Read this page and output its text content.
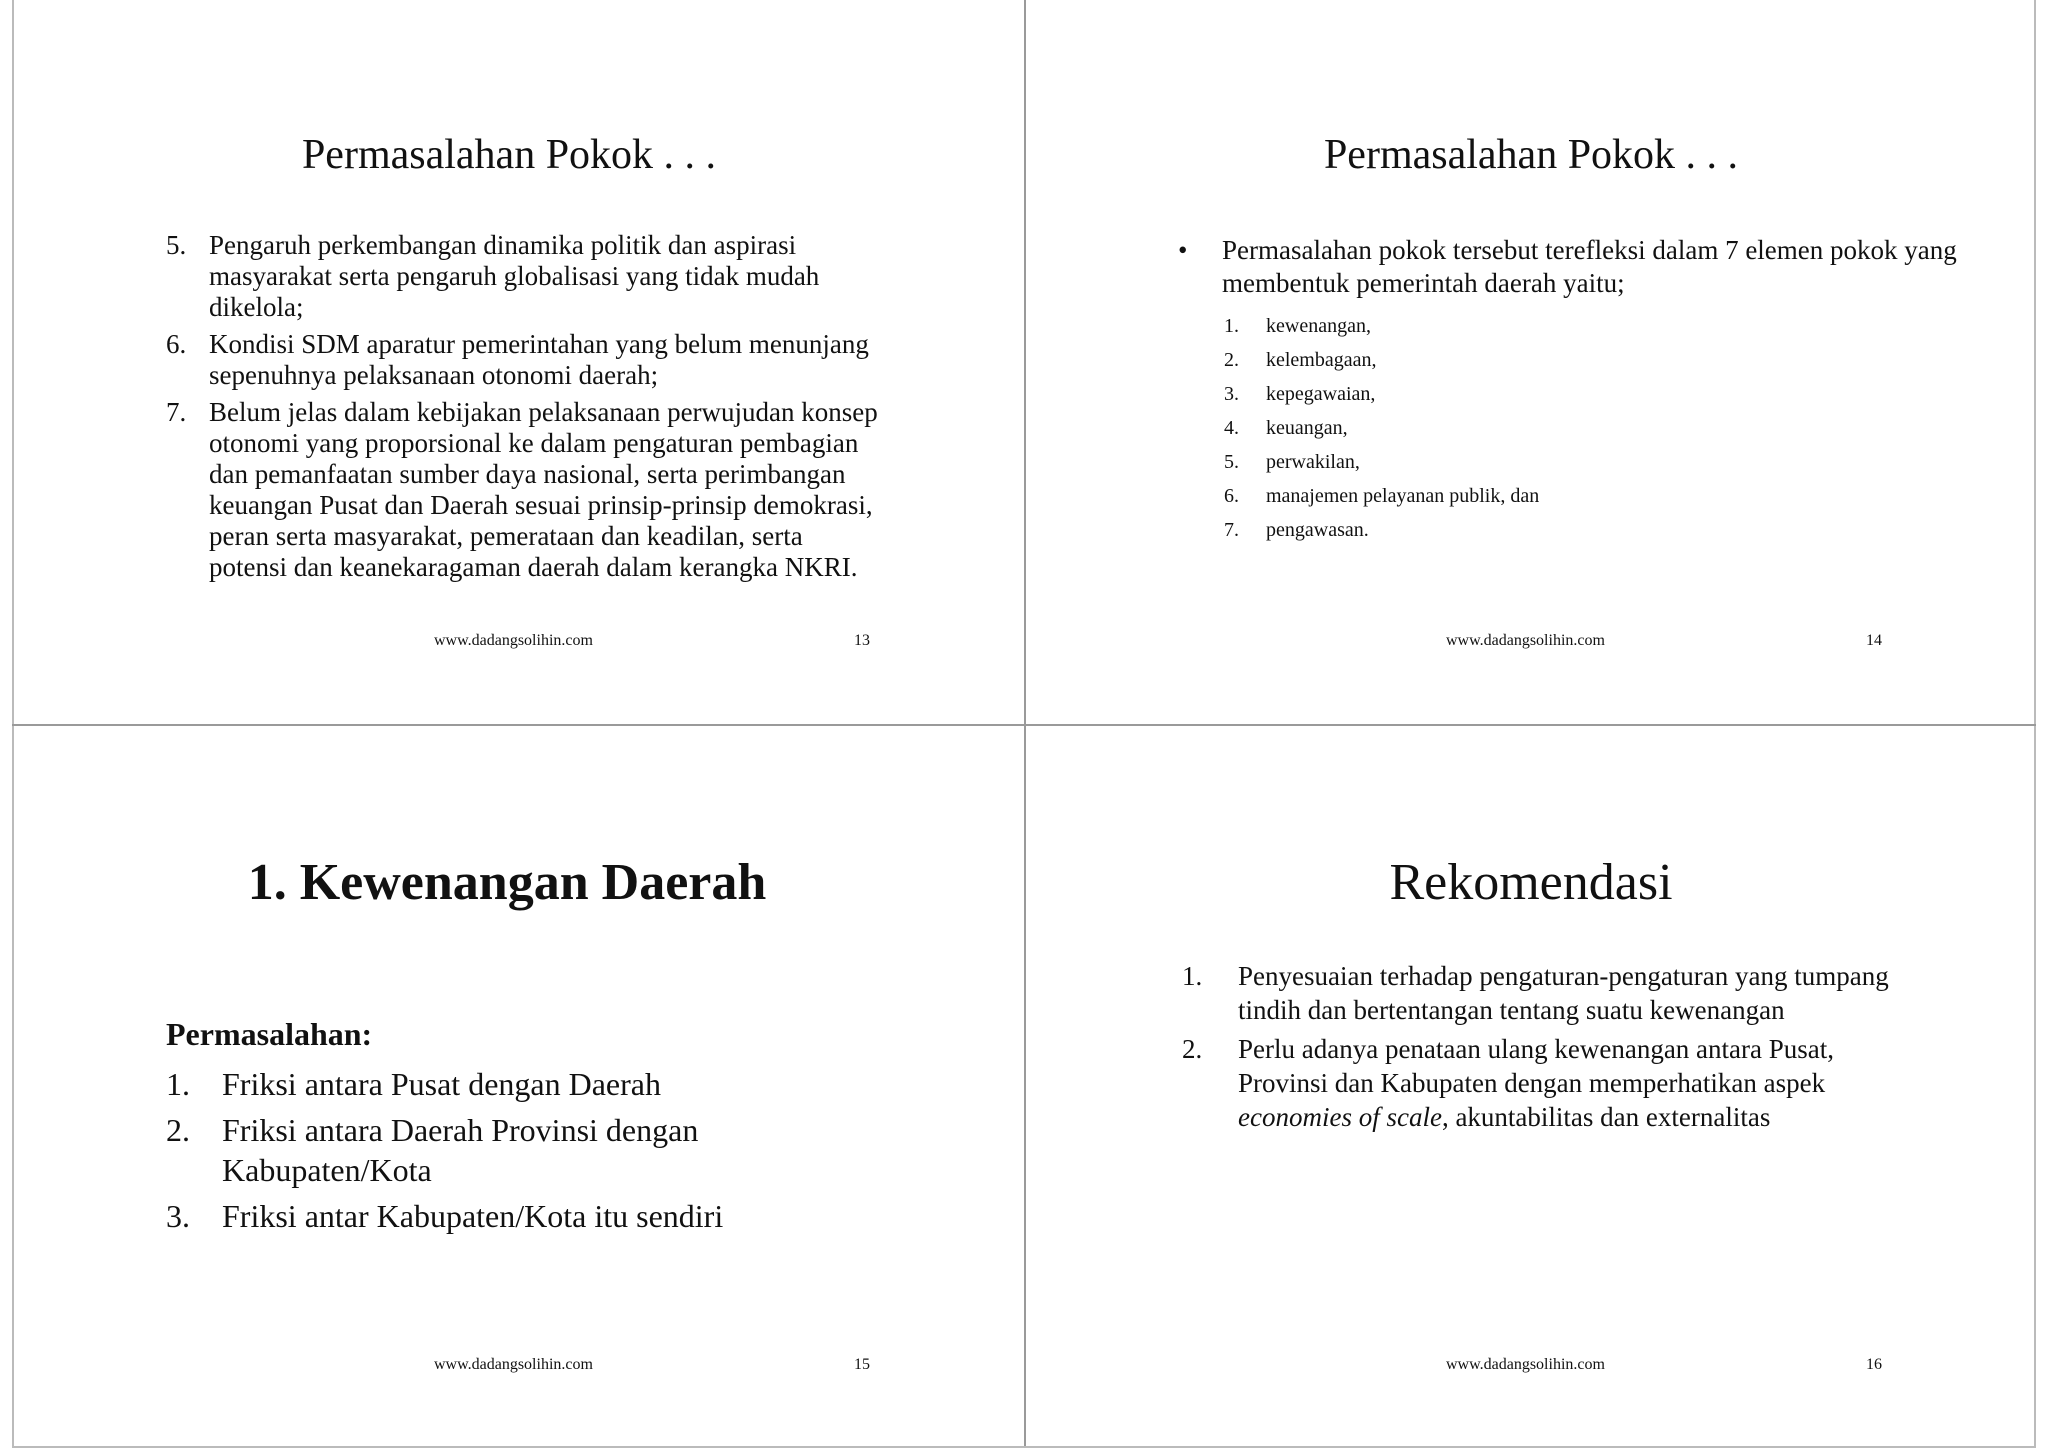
Permasalahan Pokok . . .
5. Pengaruh perkembangan dinamika politik dan aspirasi masyarakat serta pengaruh globalisasi yang tidak mudah dikelola;
6. Kondisi SDM aparatur pemerintahan yang belum menunjang sepenuhnya pelaksanaan otonomi daerah;
7. Belum jelas dalam kebijakan pelaksanaan perwujudan konsep otonomi yang proporsional ke dalam pengaturan pembagian dan pemanfaatan sumber daya nasional, serta perimbangan keuangan Pusat dan Daerah sesuai prinsip-prinsip demokrasi, peran serta masyarakat, pemerataan dan keadilan, serta potensi dan keanekaragaman daerah dalam kerangka NKRI.
www.dadangsolihin.com	13
Permasalahan Pokok . . .
• Permasalahan pokok tersebut terefleksi dalam 7 elemen pokok yang membentuk pemerintah daerah yaitu;
1. kewenangan,
2. kelembagaan,
3. kepegawaian,
4. keuangan,
5. perwakilan,
6. manajemen pelayanan publik, dan
7. pengawasan.
www.dadangsolihin.com	14
1. Kewenangan Daerah
Permasalahan:
1. Friksi antara Pusat dengan Daerah
2. Friksi antara Daerah Provinsi dengan Kabupaten/Kota
3. Friksi antar Kabupaten/Kota itu sendiri
www.dadangsolihin.com	15
Rekomendasi
1. Penyesuaian terhadap pengaturan-pengaturan yang tumpang tindih dan bertentangan tentang suatu kewenangan
2. Perlu adanya penataan ulang kewenangan antara Pusat, Provinsi dan Kabupaten dengan memperhatikan aspek economies of scale, akuntabilitas dan externalitas
www.dadangsolihin.com	16
